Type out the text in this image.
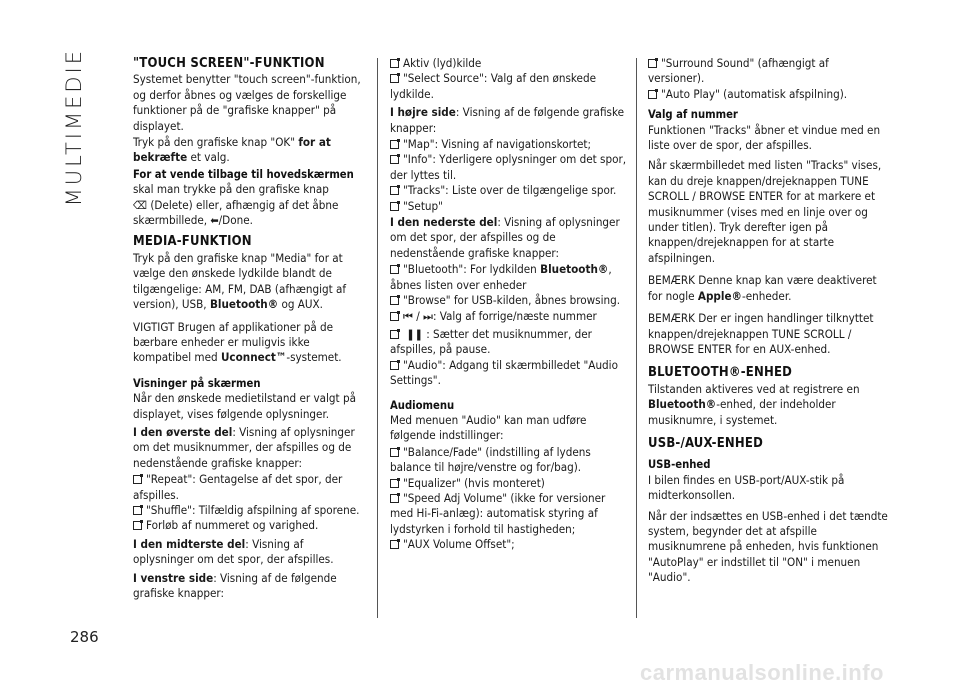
MULTIMEDIE	"TOUCH SCREEN"-FUNKTION
Systemet benytter "touch screen"-funktion, og derfor åbnes og vælges de forskellige funktioner på de "grafiske knapper" på displayet.
Tryk på den grafiske knap "OK" for at bekræfte et valg.
For at vende tilbage til hovedskærmen
skal man trykke på den grafiske knap
⌫ (Delete) eller, afhængig af det åbne skærmbillede, ⬅/Done.
MEDIA-FUNKTION
Tryk på den grafiske knap "Media" for at vælge den ønskede lydkilde blandt de tilgængelige: AM, FM, DAB (afhængigt af version), USB, Bluetooth® og AUX.
VIGTIGT Brugen af applikationer på de bærbare enheder er muligvis ikke kompatibel med Uconnect™-systemet.
Visninger på skærmen
Når den ønskede medietilstand er valgt på displayet, vises følgende oplysninger.
I den øverste del: Visning af oplysninger om det musiknummer, der afspilles og de nedenstående grafiske knapper:
"Repeat": Gentagelse af det spor, der afspilles.
"Shuffle": Tilfældig afspilning af sporene.
Forløb af nummeret og varighed.
I den midterste del: Visning af oplysninger om det spor, der afspilles.
I venstre side: Visning af de følgende grafiske knapper:
Aktiv (lyd)kilde
"Select Source": Valg af den ønskede lydkilde.
I højre side: Visning af de følgende grafiske knapper:
"Map": Visning af navigationskortet;
"Info": Yderligere oplysninger om det spor, der lyttes til.
"Tracks": Liste over de tilgængelige spor.
"Setup"
I den nederste del: Visning af oplysninger om det spor, der afspilles og de nedenstående grafiske knapper:
"Bluetooth": For lydkilden Bluetooth®, åbnes listen over enheder
"Browse" for USB-kilden, åbnes browsing.
⏮ / ⏭: Valg af forrige/næste nummer
❚❚ : Sætter det musiknummer, der afspilles, på pause.
"Audio": Adgang til skærmbilledet "Audio Settings".
Audiomenu
Med menuen "Audio" kan man udføre følgende indstillinger:
"Balance/Fade" (indstilling af lydens balance til højre/venstre og for/bag).
"Equalizer" (hvis monteret)
"Speed Adj Volume" (ikke for versioner med Hi-Fi-anlæg): automatisk styring af lydstyrken i forhold til hastigheden;
"AUX Volume Offset";
"Surround Sound" (afhængigt af versioner).
"Auto Play" (automatisk afspilning).
Valg af nummer
Funktionen "Tracks" åbner et vindue med en liste over de spor, der afspilles.
Når skærmbilledet med listen "Tracks" vises, kan du dreje knappen/drejeknappen TUNE SCROLL / BROWSE ENTER for at markere et musiknummer (vises med en linje over og under titlen). Tryk derefter igen på knappen/drejeknappen for at starte afspilningen.
BEMÆRK Denne knap kan være deaktiveret for nogle Apple®-enheder.
BEMÆRK Der er ingen handlinger tilknyttet knappen/drejeknappen TUNE SCROLL / BROWSE ENTER for en AUX-enhed.
BLUETOOTH®-ENHED
Tilstanden aktiveres ved at registrere en Bluetooth®-enhed, der indeholder musiknumre, i systemet.
USB-/AUX-ENHED
USB-enhed
I bilen findes en USB-port/AUX-stik på midterkonsollen.
Når der indsættes en USB-enhed i det tændte system, begynder det at afspille musiknumrene på enheden, hvis funktionen "AutoPlay" er indstillet til "ON" i menuen "Audio".
286
carmanualsonline.info
